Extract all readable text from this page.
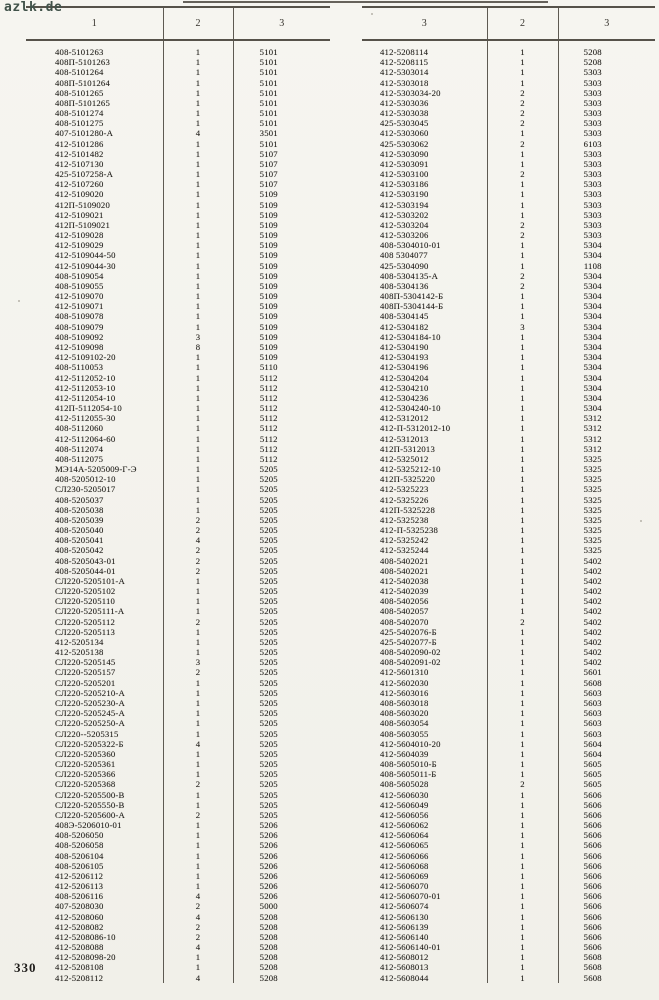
azlk.de
1	2	3
408-5101263	1	5101
408П-5101263	1	5101
408-5101264	1	5101
408П-5101264	1	5101
408-5101265	1	5101
408П-5101265	1	5101
408-5101274	1	5101
408-5101275	1	5101
407-5101280-А	4	3501
412-5101286	1	5101
412-5101482	1	5107
412-5107130	1	5107
425-5107258-А	1	5107
412-5107260	1	5107
412-5109020	1	5109
412П-5109020	1	5109
412-5109021	1	5109
412П-5109021	1	5109
412-5109028	1	5109
412-5109029	1	5109
412-5109044-50	1	5109
412-5109044-30	1	5109
408-5109054	1	5109
408-5109055	1	5109
412-5109070	1	5109
412-5109071	1	5109
408-5109078	1	5109
408-5109079	1	5109
408-5109092	3	5109
412-5109098	8	5109
412-5109102-20	1	5109
408-5110053	1	5110
412-5112052-10	1	5112
412-5112053-10	1	5112
412-5112054-10	1	5112
412П-5112054-10	1	5112
412-5112055-30	1	5112
408-5112060	1	5112
412-5112064-60	1	5112
408-5112074	1	5112
408-5112075	1	5112
МЭ14А-5205009-Г-Э	1	5205
408-5205012-10	1	5205
СЛ230-5205017	1	5205
408-5205037	1	5205
408-5205038	1	5205
408-5205039	2	5205
408-5205040	2	5205
408-5205041	4	5205
408-5205042	2	5205
408-5205043-01	2	5205
408-5205044-01	2	5205
СЛ220-5205101-А	1	5205
СЛ220-5205102	1	5205
СЛ220-5205110	1	5205
СЛ220-5205111-А	1	5205
СЛ220-5205112	2	5205
СЛ220-5205113	1	5205
412-5205134	1	5205
412-5205138	1	5205
СЛ220-5205145	3	5205
СЛ220-5205157	2	5205
СЛ220-5205201	1	5205
СЛ220-5205210-А	1	5205
СЛ220-5205230-А	1	5205
СЛ220-5205245-А	1	5205
СЛ220-5205250-А	1	5205
СЛ220--5205315	1	5205
СЛ220-5205322-Б	4	5205
СЛ220-5205360	1	5205
СЛ220-5205361	1	5205
СЛ220-5205366	1	5205
СЛ220-5205368	2	5205
СЛ220-5205500-В	1	5205
СЛ220-5205550-В	1	5205
СЛ220-5205600-А	2	5205
408Э-5206010-01	1	5206
408-5206050	1	5206
408-5206058	1	5206
408-5206104	1	5206
408-5206105	1	5206
412-5206112	1	5206
412-5206113	1	5206
408-5206116	4	5206
407-5208030	2	5000
412-5208060	4	5208
412-5208082	2	5208
412-5208086-10	2	5208
412-5208088	4	5208
412-5208098-20	1	5208
412-5208108	1	5208
412-5208112	4	5208
3	2	3
412-5208114	1	5208
412-5208115	1	5208
412-5303014	1	5303
412-5303018	1	5303
412-5303034-20	2	5303
412-5303036	2	5303
412-5303038	2	5303
425-5303045	2	5303
412-5303060	1	5303
425-5303062	2	6103
412-5303090	1	5303
412-5303091	1	5303
412-5303100	2	5303
412-5303186	1	5303
412-5303190	1	5303
412-5303194	1	5303
412-5303202	1	5303
412-5303204	2	5303
412-5303206	2	5303
408-5304010-01	1	5304
408 5304077	1	5304
425-5304090	1	1108
408-5304135-А	2	5304
408-5304136	2	5304
408П-5304142-Б	1	5304
408П-5304144-Б	1	5304
408-5304145	1	5304
412-5304182	3	5304
412-5304184-10	1	5304
412-5304190	1	5304
412-5304193	1	5304
412-5304196	1	5304
412-5304204	1	5304
412-5304210	1	5304
412-5304236	1	5304
412-5304240-10	1	5304
412-5312012	1	5312
412-П-5312012-10	1	5312
412-5312013	1	5312
412П-5312013	1	5312
412-5325012	1	5325
412-5325212-10	1	5325
412П-5325220	1	5325
412-5325223	1	5325
412-5325226	1	5325
412П-5325228	1	5325
412-5325238	1	5325
412-П-5325238	1	5325
412-5325242	1	5325
412-5325244	1	5325
408-5402021	1	5402
408-5402021	1	5402
412-5402038	1	5402
412-5402039	1	5402
408-5402056	1	5402
408-5402057	1	5402
408-5402070	2	5402
425-5402076-Б	1	5402
425-5402077-Б	1	5402
408-5402090-02	1	5402
408-5402091-02	1	5402
412-5601310	1	5601
412-5602030	1	5608
412-5603016	1	5603
408-5603018	1	5603
408-5603020	1	5603
408-5603054	1	5603
408-5603055	1	5603
412-5604010-20	1	5604
412-5604039	1	5604
408-5605010-Б	1	5605
408-5605011-Б	1	5605
408-5605028	2	5605
412-5606030	1	5606
412-5606049	1	5606
412-5606056	1	5606
412-5606062	1	5606
412-5606064	1	5606
412-5606065	1	5606
412-5606066	1	5606
412-5606068	1	5606
412-5606069	1	5606
412-5606070	1	5606
412-5606070-01	1	5606
412-5606074	1	5606
412-5606130	1	5606
412-5606139	1	5606
412-5606140	1	5606
412-5606140-01	1	5606
412-5608012	1	5608
412-5608013	1	5608
412-5608044	1	5608
330
